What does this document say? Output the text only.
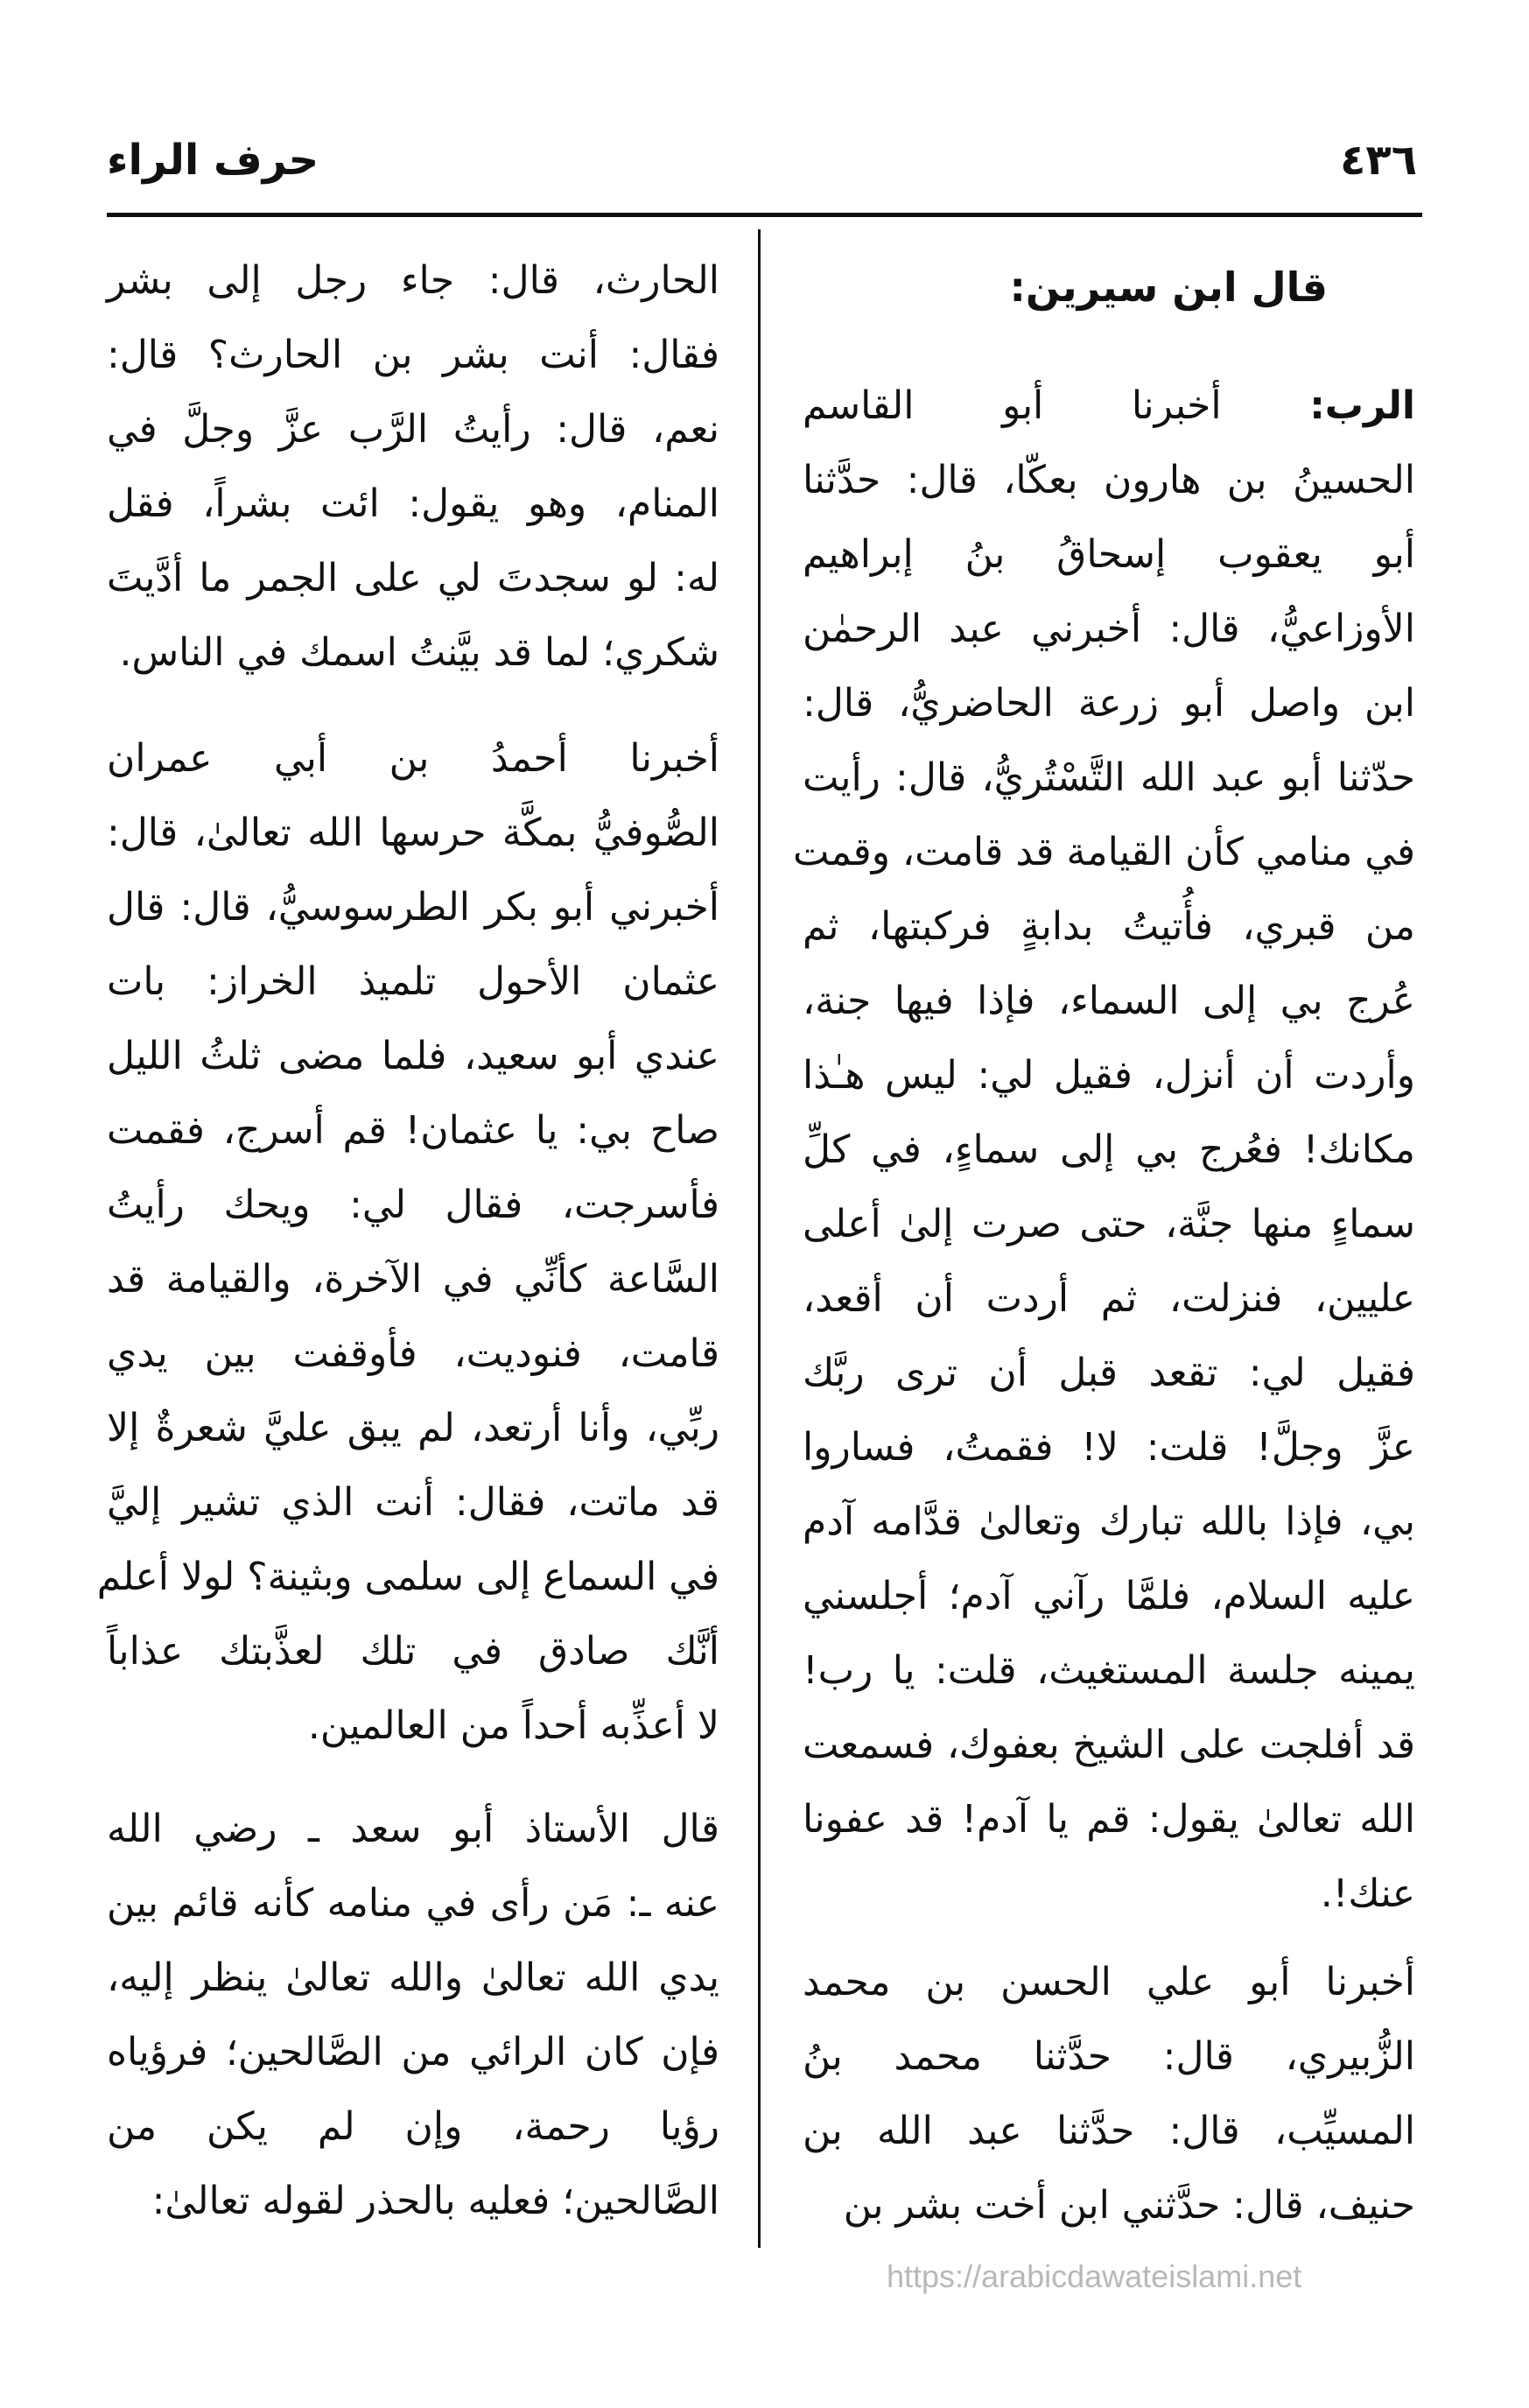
٤٣٦
حرف الراء
قال ابن سيرين:
الرب: أخبرنا أبو القاسم
الحسينُ بن هارون بعكّا، قال: حدَّثنا
أبو يعقوب إسحاقُ بنُ إبراهيم
الأوزاعيُّ، قال: أخبرني عبد الرحمٰن
ابن واصل أبو زرعة الحاضريُّ، قال:
حدّثنا أبو عبد الله التَّسْتُريُّ، قال: رأيت
في منامي كأن القيامة قد قامت، وقمت
من قبري، فأُتيتُ بدابةٍ فركبتها، ثم
عُرج بي إلى السماء، فإذا فيها جنة،
وأردت أن أنزل، فقيل لي: ليس هـٰذا
مكانك! فعُرج بي إلى سماءٍ، في كلِّ
سماءٍ منها جنَّة، حتى صرت إلىٰ أعلى
عليين، فنزلت، ثم أردت أن أقعد،
فقيل لي: تقعد قبل أن ترى ربَّك
عزَّ وجلَّ! قلت: لا! فقمتُ، فساروا
بي، فإذا بالله تبارك وتعالىٰ قدَّامه آدم
عليه السلام، فلمَّا رآني آدم؛ أجلسني
يمينه جلسة المستغيث، قلت: يا رب!
قد أفلجت على الشيخ بعفوك، فسمعت
الله تعالىٰ يقول: قم يا آدم! قد عفونا
عنك!.
أخبرنا أبو علي الحسن بن محمد
الزُّبيري، قال: حدَّثنا محمد بنُ
المسيِّب، قال: حدَّثنا عبد الله بن
حنيف، قال: حدَّثني ابن أخت بشر بن
الحارث، قال: جاء رجل إلى بشر
فقال: أنت بشر بن الحارث؟ قال:
نعم، قال: رأيتُ الرَّب عزَّ وجلَّ في
المنام، وهو يقول: ائت بشراً، فقل
له: لو سجدتَ لي على الجمر ما أدَّيتَ
شكري؛ لما قد بيَّنتُ اسمك في الناس.
أخبرنا أحمدُ بن أبي عمران
الصُّوفيُّ بمكَّة حرسها الله تعالىٰ، قال:
أخبرني أبو بكر الطرسوسيُّ، قال: قال
عثمان الأحول تلميذ الخراز: بات
عندي أبو سعيد، فلما مضى ثلثُ الليل
صاح بي: يا عثمان! قم أسرج، فقمت
فأسرجت، فقال لي: ويحك رأيتُ
السَّاعة كأنِّي في الآخرة، والقيامة قد
قامت، فنوديت، فأوقفت بين يدي
ربِّي، وأنا أرتعد، لم يبق عليَّ شعرةٌ إلا
قد ماتت، فقال: أنت الذي تشير إليَّ
في السماع إلى سلمى وبثينة؟ لولا أعلم
أنَّك صادق في تلك لعذَّبتك عذاباً
لا أعذِّبه أحداً من العالمين.
قال الأستاذ أبو سعد ـ رضي الله
عنه ـ: مَن رأى في منامه كأنه قائم بين
يدي الله تعالىٰ والله تعالىٰ ينظر إليه،
فإن كان الرائي من الصَّالحين؛ فرؤياه
رؤيا رحمة، وإن لم يكن من
الصَّالحين؛ فعليه بالحذر لقوله تعالىٰ:
https://arabicdawateislami.net
